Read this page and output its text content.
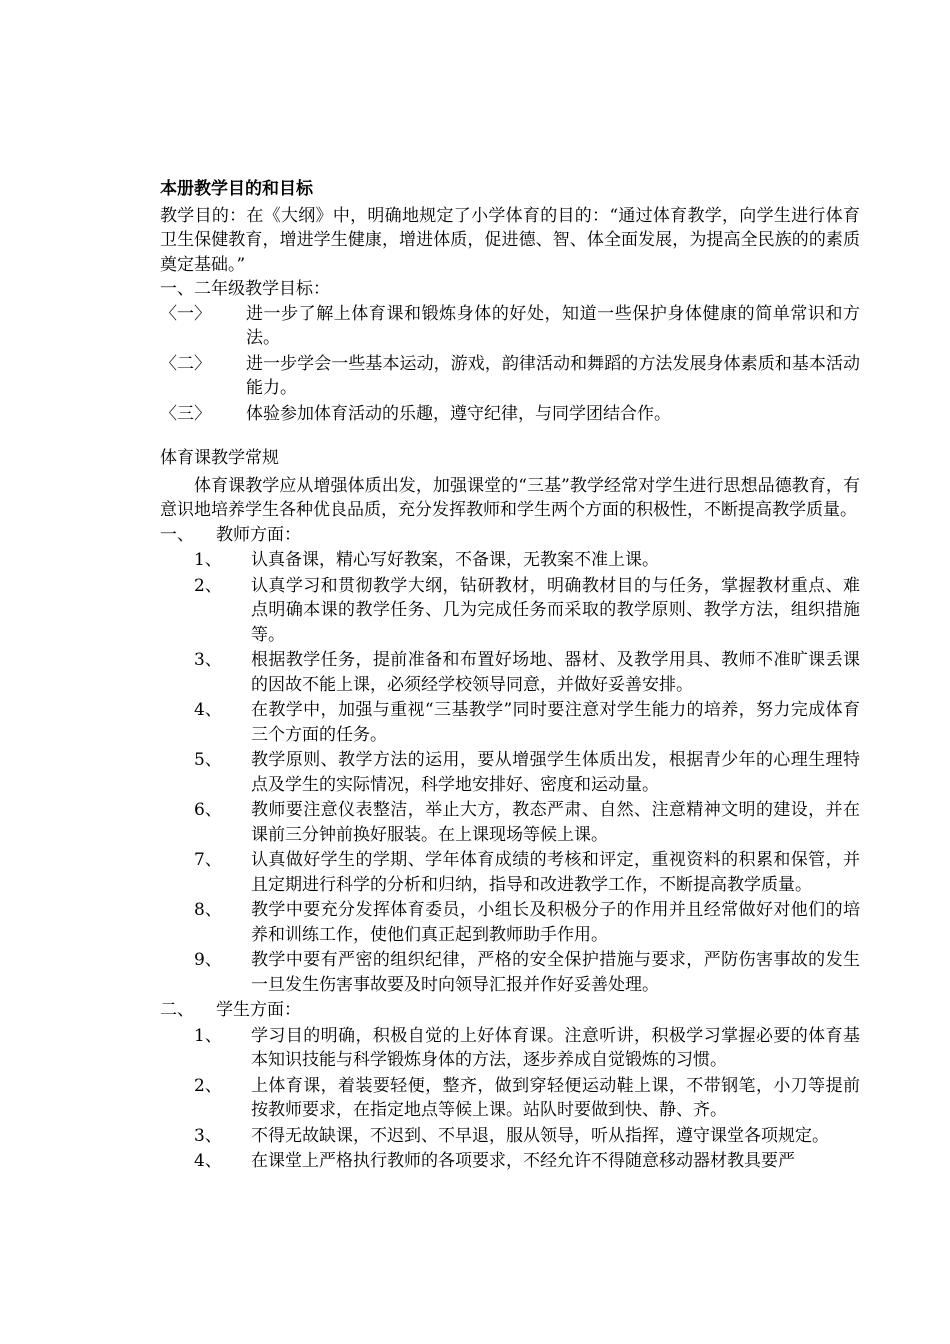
本册教学目的和目标

教学目的：在《大纲》中，明确地规定了小学体育的目的：“通过体育教学，向学生进行体育卫生保健教育，增进学生健康，增进体质，促进德、智、体全面发展，为提高全民族的的素质奠定基础。”

一、二年级教学目标：

〈一〉	进一步了解上体育课和锻炼身体的好处，知道一些保护身体健康的简单常识和方法。
〈二〉	进一步学会一些基本运动，游戏，韵律活动和舞蹈的方法发展身体素质和基本活动能力。
〈三〉	体验参加体育活动的乐趣，遵守纪律，与同学团结合作。

体育课教学常规

体育课教学应从增强体质出发，加强课堂的“三基”教学经常对学生进行思想品德教育，有意识地培养学生各种优良品质，充分发挥教师和学生两个方面的积极性，不断提高教学质量。

一、	教师方面：
1、	认真备课，精心写好教案，不备课，无教案不准上课。
2、	认真学习和贯彻教学大纲，钻研教材，明确教材目的与任务，掌握教材重点、难点明确本课的教学任务、几为完成任务而采取的教学原则、教学方法，组织措施等。
3、	根据教学任务，提前准备和布置好场地、器材、及教学用具、教师不准旷课丢课的因故不能上课，必须经学校领导同意，并做好妥善安排。
4、	在教学中，加强与重视“三基教学”同时要注意对学生能力的培养，努力完成体育三个方面的任务。
5、	教学原则、教学方法的运用，要从增强学生体质出发，根据青少年的心理生理特点及学生的实际情况，科学地安排好、密度和运动量。
6、	教师要注意仪表整洁，举止大方，教态严肃、自然、注意精神文明的建设，并在课前三分钟前换好服装。在上课现场等候上课。
7、	认真做好学生的学期、学年体育成绩的考核和评定，重视资料的积累和保管，并且定期进行科学的分析和归纳，指导和改进教学工作，不断提高教学质量。
8、	教学中要充分发挥体育委员，小组长及积极分子的作用并且经常做好对他们的培养和训练工作，使他们真正起到教师助手作用。
9、	教学中要有严密的组织纪律，严格的安全保护措施与要求，严防伤害事故的发生一旦发生伤害事故要及时向领导汇报并作好妥善处理。
二、	学生方面：
1、	学习目的明确，积极自觉的上好体育课。注意听讲，积极学习掌握必要的体育基本知识技能与科学锻炼身体的方法，逐步养成自觉锻炼的习惯。
2、	上体育课，着装要轻便，整齐，做到穿轻便运动鞋上课，不带钢笔，小刀等提前按教师要求，在指定地点等候上课。站队时要做到快、静、齐。
3、	不得无故缺课，不迟到、不早退，服从领导，听从指挥，遵守课堂各项规定。
4、	在课堂上严格执行教师的各项要求，不经允许不得随意移动器材教具要严
